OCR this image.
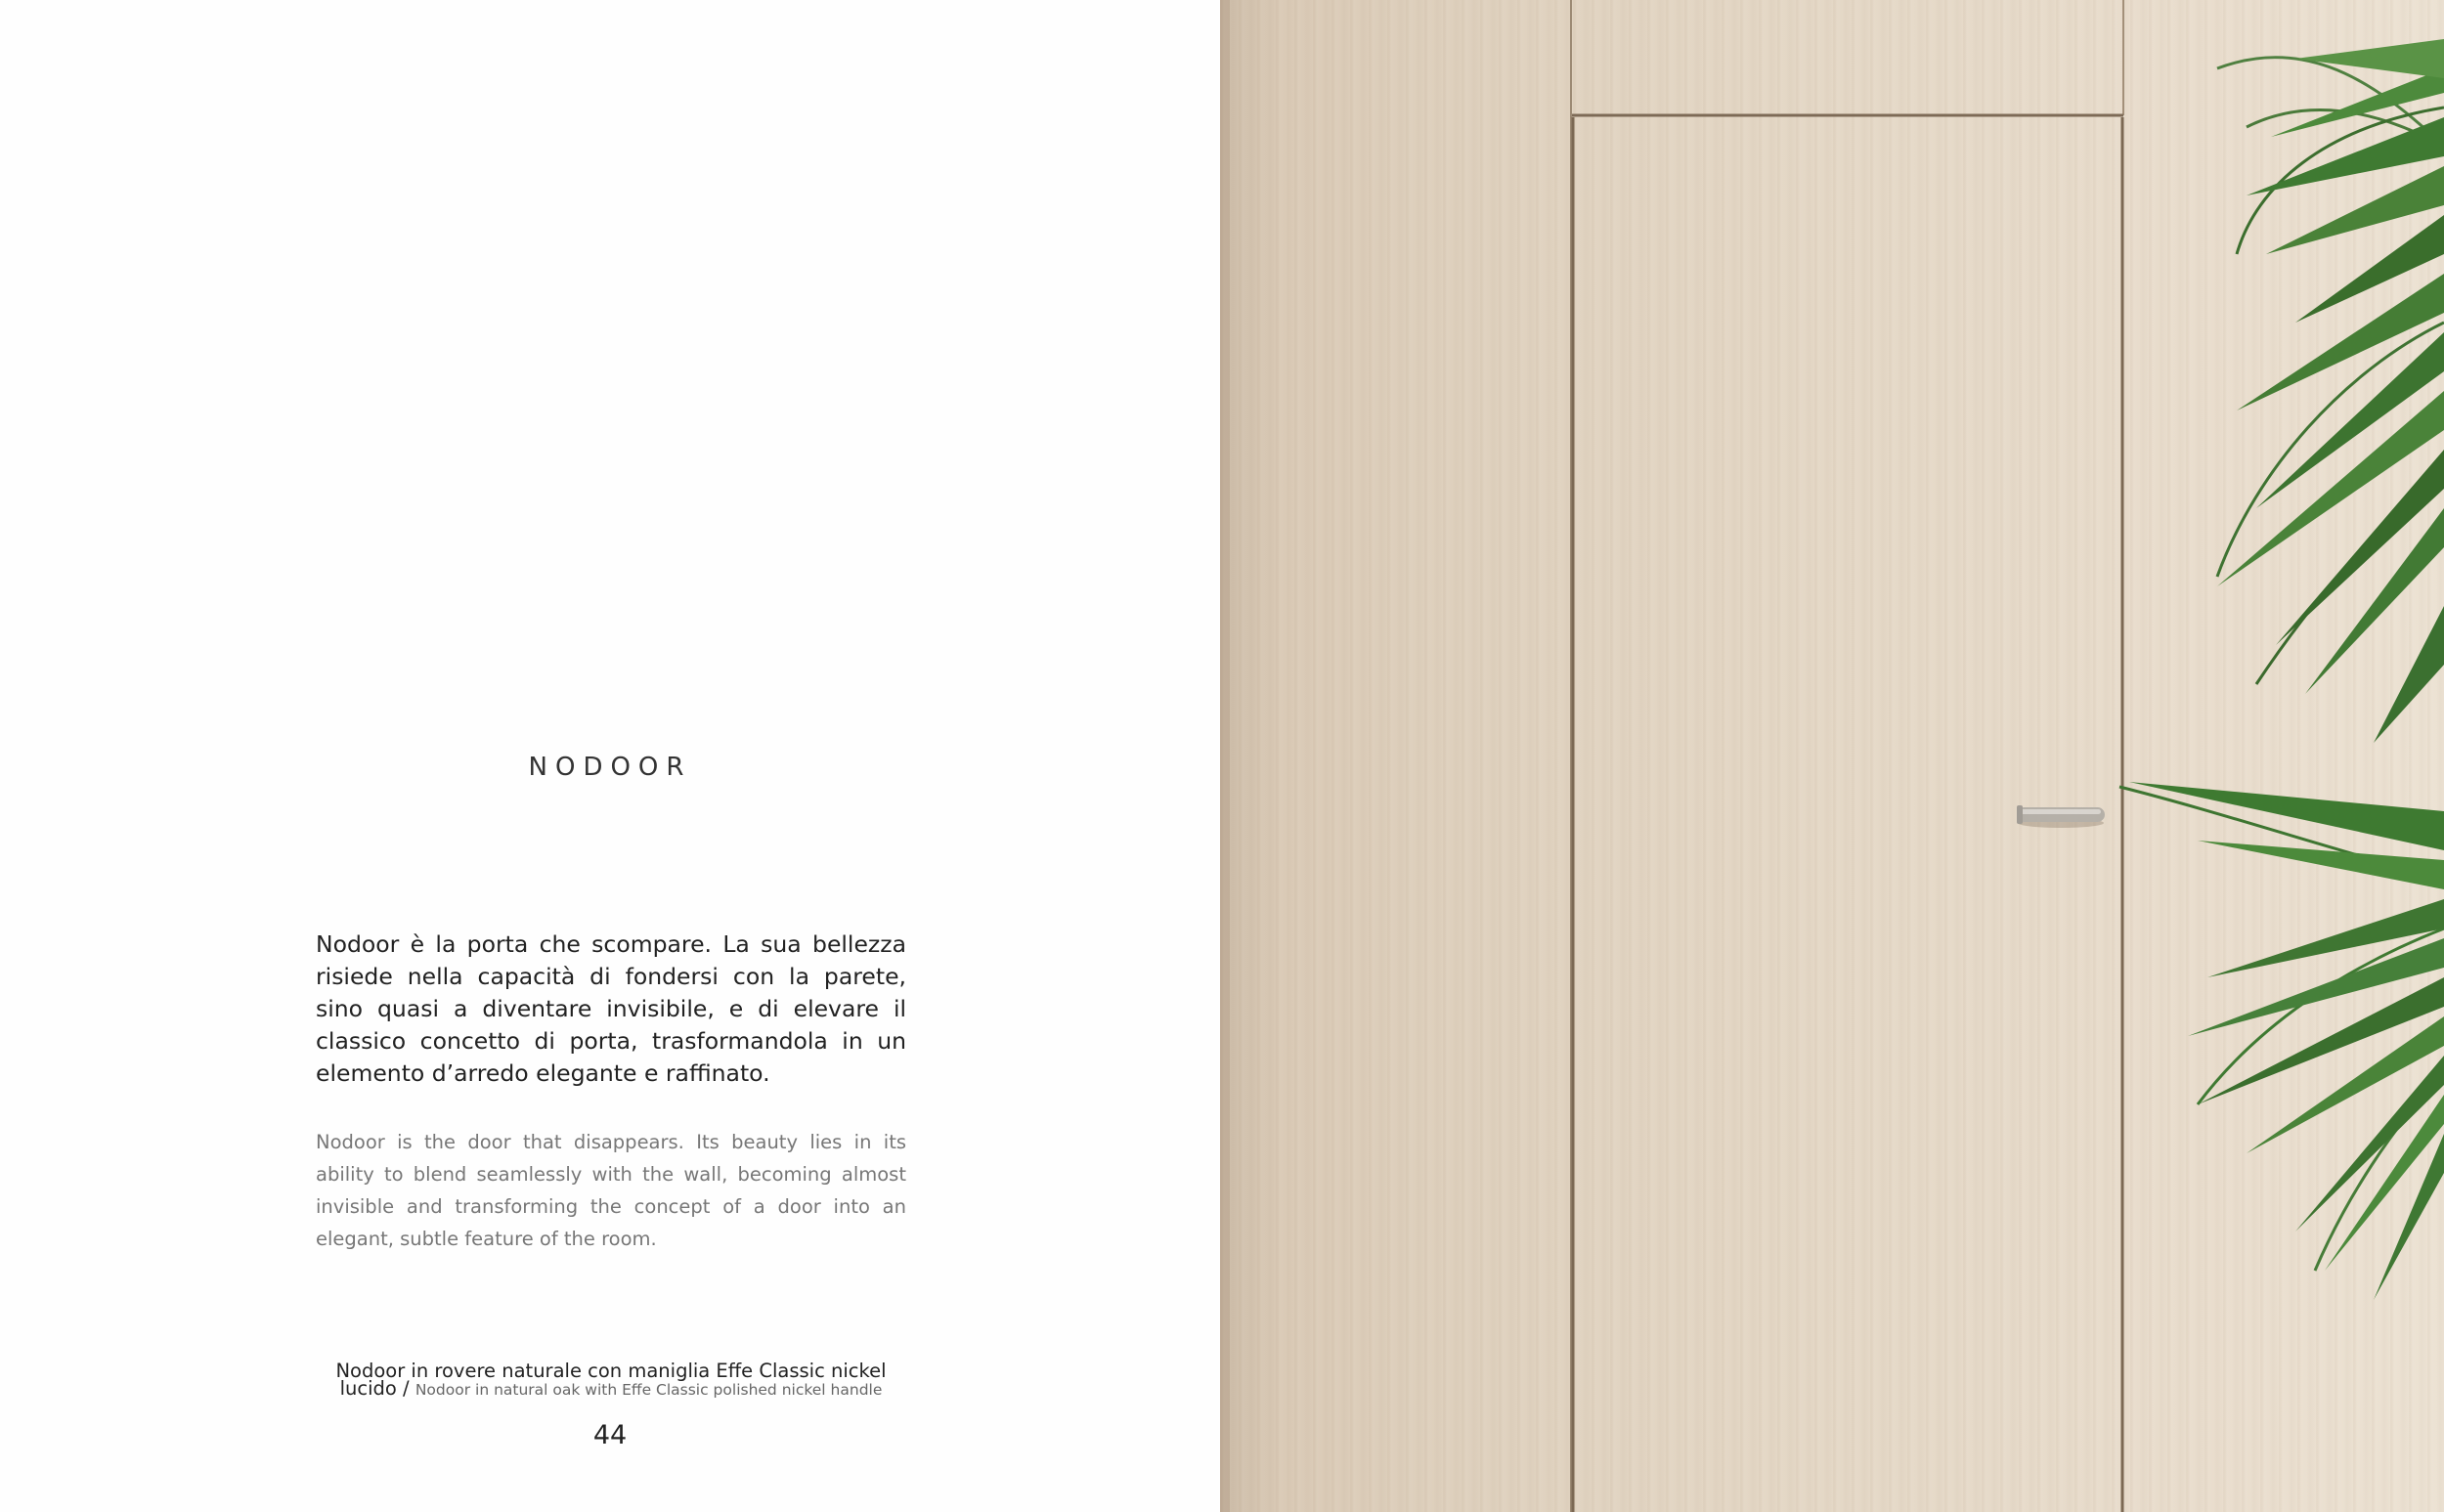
NODOOR
Nodoor è la porta che scompare. La sua bellezza risiede nella capacità di fondersi con la parete, sino quasi a diventare invisibile, e di elevare il classico concetto di porta, trasformandola in un elemento d’arredo elegante e raffinato.
Nodoor is the door that disappears. Its beauty lies in its ability to blend seamlessly with the wall, becoming almost invisible and transforming the concept of a door into an elegant, subtle feature of the room.
Nodoor in rovere naturale con maniglia Effe Classic nickel lucido / Nodoor in natural oak with Effe Classic polished nickel handle
44
